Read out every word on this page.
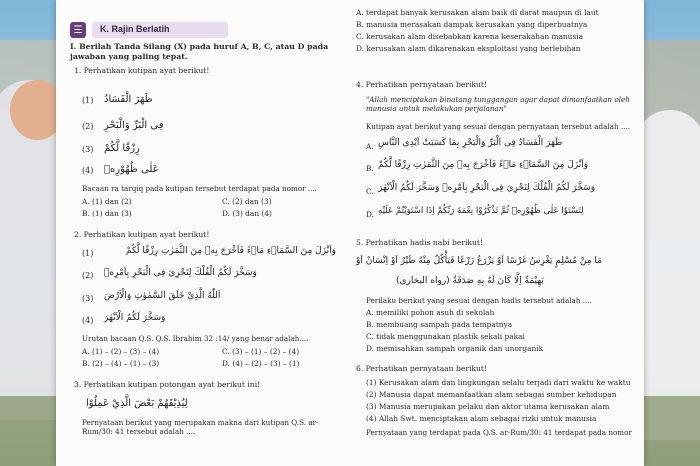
☰	K. Rajin Berlatih
I. Berilah Tanda Silang (X) pada huruf A, B, C, atau D pada jawaban yang paling tepat.
1. Perhatikan kutipan ayat berikut!
(1) ظَهَرَ الْفَسَادُ
(2) فِى الْبَرِّ وَالْبَحْرِ
(3) رِزْقًا لَّكُمْ
(4) عَلٰى ظُهُوْرِهٖ
Bacaan ra tarqiq pada kutipan tersebut terdapat pada nomor ....
A. (1) dan (2)	C. (2) dan (3)
B. (1) dan (3)	D. (3) dan (4)
2. Perhatikan kutipan ayat berikut!
(1)	وَاَنْزَلَ مِنَ السَّمَاۤءِ مَاۤءً فَاَخْرَجَ بِهٖ مِنَ الثَّمَرٰتِ رِزْقًا لَّكُمْ
(2) وَسَخَّرَ لَكُمُ الْفُلْكَ لِتَجْرِيَ فِى الْبَحْرِ بِاَمْرِهٖ
(3) اَللّٰهُ الَّذِيْ خَلَقَ السَّمٰوٰتِ وَالْاَرْضَ
(4) وَسَخَّرَ لَكُمُ الْاَنْهٰرَ
Urutan bacaan Q.S. Q.S. Ibrahim 32 :14/ yang benar adalah....
A. (1) – (2) – (3) – (4)	C. (3) – (1) – (2) – (4)
B. (2) – (4) – (1) – (3)	D. (4) – (2) – (3) – (1)
3. Perhatikan kutipan potongan ayat berikut ini!
لِيُذِيْقَهُمْ بَعْضَ الَّذِيْ عَمِلُوْا
Pernyataan berikut yang merupakan makna dari kutipan Q.S. ar-Rum/30: 41 tersebut adalah ....
A. terdapat banyak kerusakan alam baik di darat maupun di laut
B. manusia merasakan dampak kerusakan yang diperbuatnya
C. kerusakan alam disebabkan karena keserakahan manusia
D. kerusakan alam dikarenakan eksploitasi yang berlebihan
4. Perhatikan pernyataan berikut!
"Allah menciptakan binatang tunggangan agar dapat dimanfaatkan oleh manusia untuk melakukan perjalanan"
Kutipan ayat berikut yang sesuai dengan pernyataan tersebut adalah ....
A. ظَهَرَ الْفَسَادُ فِى الْبَرِّ وَالْبَحْرِ بِمَا كَسَبَتْ اَيْدِى النَّاسِ
B. وَاَنْزَلَ مِنَ السَّمَاۤءِ مَاۤءً فَاَخْرَجَ بِهٖ مِنَ الثَّمَرٰتِ رِزْقًا لَّكُمْ
C. وَسَخَّرَ لَكُمُ الْفُلْكَ لِتَجْرِيَ فِى الْبَحْرِ بِاَمْرِهٖ وَسَخَّرَ لَكُمُ الْاَنْهٰرَ
D. لِتَسْتَوٗا عَلٰى ظُهُوْرِهٖ ثُمَّ تَذْكُرُوْا نِعْمَةَ رَبِّكُمْ اِذَا اسْتَوَيْتُمْ عَلَيْهِ
5. Perhatikan hadis nabi berikut!
مَا مِنْ مُسْلِمٍ يَغْرِسُ غَرْسًا اَوْ يَزْرَعُ زَرْعًا فَيَأْكُلُ مِنْهُ طَيْرٌ اَوْ اِنْسَانٌ اَوْ
بَهِيْمَةٌ اِلَّا كَانَ لَهُ بِهِ صَدَقَةٌ (رواه البخارى)
Perilaku berikut yang sesuai dengan hadis tersebut adalah ....
A. memiliki pohon asuh di sekolah
B. membuang sampah pada tempatnya
C. tidak menggunakan plastik sekali pakai
D. memisahkan sampah organik dan unorganik
6. Perhatikan pernyataan berikut!
(1) Kerusakan alam dan lingkungan selalu terjadi dari waktu ke waktu
(2) Manusia dapat memanfaatkan alam sebagai sumber kehidupan
(3) Manusia merupakan pelaku dan aktor utama kerusakan alam
(4) Allah Swt. menciptakan alam sebagai rizki untuk manusia
Pernyataan yang terdapat pada Q.S. ar-Rum/30: 41 terdapat pada nomor
